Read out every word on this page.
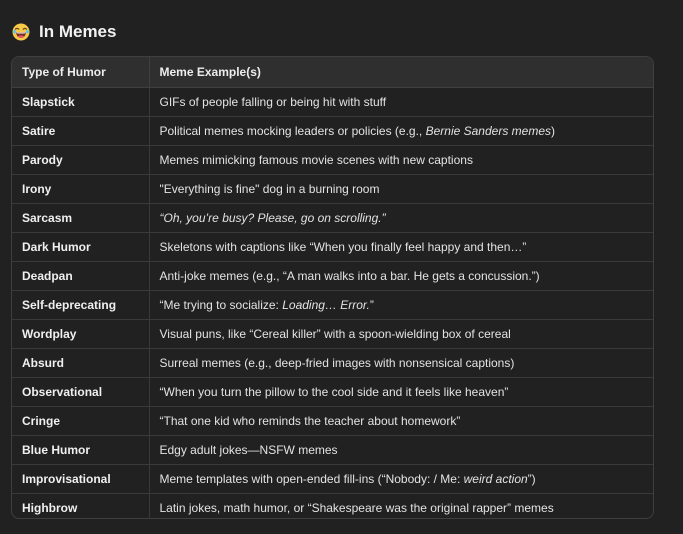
In Memes
Type of Humor	Meme Example(s)
Slapstick	GIFs of people falling or being hit with stuff
Satire	Political memes mocking leaders or policies (e.g., Bernie Sanders memes)
Parody	Memes mimicking famous movie scenes with new captions
Irony	"Everything is fine" dog in a burning room
Sarcasm	“Oh, you’re busy? Please, go on scrolling.”
Dark Humor	Skeletons with captions like “When you finally feel happy and then…”
Deadpan	Anti-joke memes (e.g., “A man walks into a bar. He gets a concussion.”)
Self-deprecating	“Me trying to socialize: Loading… Error.”
Wordplay	Visual puns, like “Cereal killer” with a spoon-wielding box of cereal
Absurd	Surreal memes (e.g., deep-fried images with nonsensical captions)
Observational	“When you turn the pillow to the cool side and it feels like heaven”
Cringe	“That one kid who reminds the teacher about homework”
Blue Humor	Edgy adult jokes—NSFW memes
Improvisational	Meme templates with open-ended fill-ins (“Nobody: / Me: weird action”)
Highbrow	Latin jokes, math humor, or “Shakespeare was the original rapper” memes
